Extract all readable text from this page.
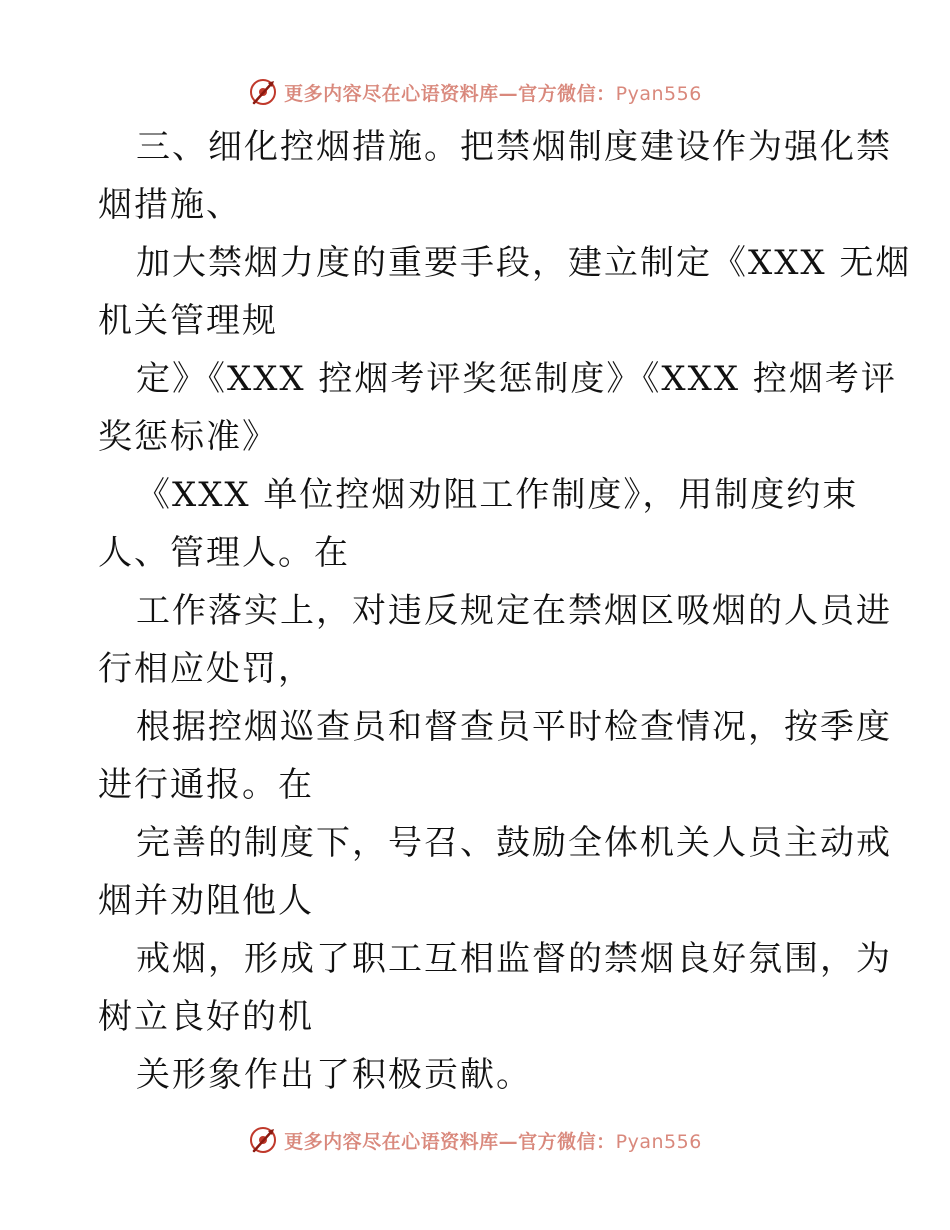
更多内容尽在心语资料库—官方微信：Pyan556
三、细化控烟措施。把禁烟制度建设作为强化禁
烟措施、
加大禁烟力度的重要手段，建立制定《XXX 无烟
机关管理规
定》《XXX 控烟考评奖惩制度》《XXX 控烟考评
奖惩标准》
《XXX 单位控烟劝阻工作制度》，用制度约束
人、管理人。在
工作落实上，对违反规定在禁烟区吸烟的人员进
行相应处罚，
根据控烟巡查员和督查员平时检查情况，按季度
进行通报。在
完善的制度下，号召、鼓励全体机关人员主动戒
烟并劝阻他人
戒烟，形成了职工互相监督的禁烟良好氛围，为
树立良好的机
关形象作出了积极贡献。
更多内容尽在心语资料库—官方微信：Pyan556
